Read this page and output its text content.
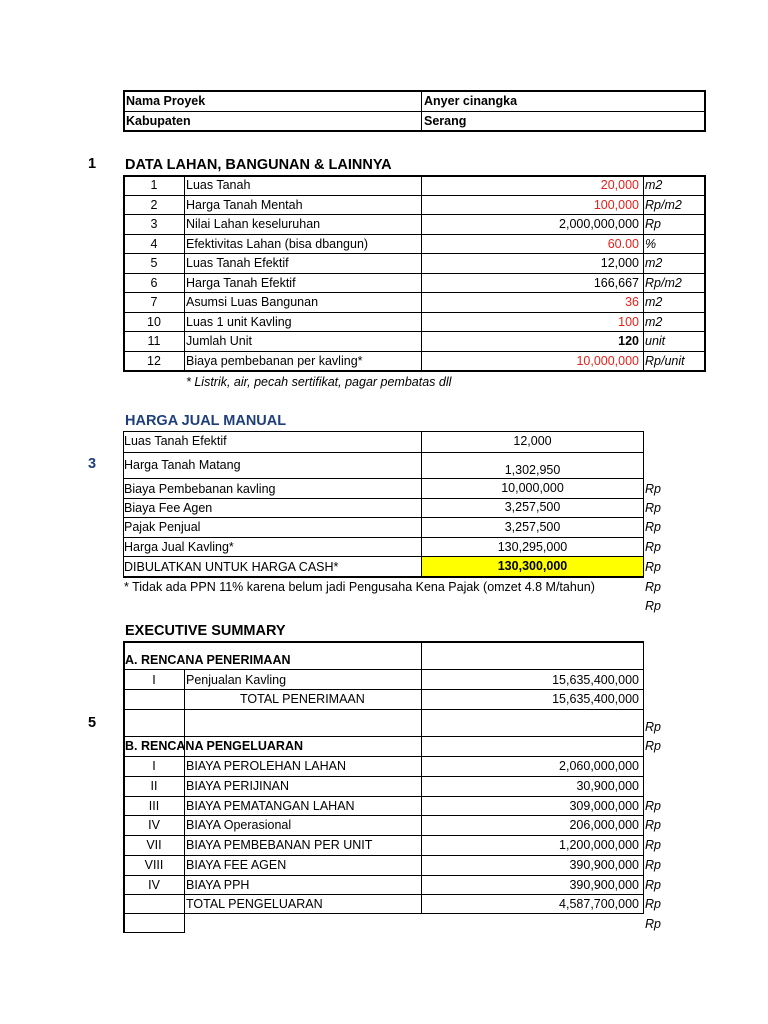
Nama Proyek	Anyer cinangka
Kabupaten	Serang
1 DATA LAHAN, BANGUNAN & LAINNYA
1	Luas Tanah	20,000 m2
2	Harga Tanah Mentah	100,000 Rp/m2
3	Nilai Lahan keseluruhan	2,000,000,000 Rp
4	Efektivitas Lahan (bisa dbangun)	60.00 %
5	Luas Tanah Efektif	12,000 m2
6	Harga Tanah Efektif	166,667 Rp/m2
7	Asumsi Luas Bangunan	36 m2
10	Luas 1 unit Kavling	100 m2
11	Jumlah Unit	120 unit
12	Biaya pembebanan per kavling*	10,000,000 Rp/unit
* Listrik, air, pecah sertifikat, pagar pembatas dll
HARGA JUAL MANUAL
3
Luas Tanah Efektif	12,000
Harga Tanah Matang	1,302,950
Biaya Pembebanan kavling	10,000,000	Rp
Biaya Fee Agen	3,257,500	Rp
Pajak Penjual	3,257,500	Rp
Harga Jual Kavling*	130,295,000	Rp
DIBULATKAN UNTUK HARGA CASH*	130,300,000	Rp
* Tidak ada PPN 11% karena belum jadi Pengusaha Kena Pajak (omzet 4.8 M/tahun)	Rp
Rp
EXECUTIVE SUMMARY
5
A. RENCANA PENERIMAAN
I	Penjualan Kavling	15,635,400,000
TOTAL PENERIMAAN	15,635,400,000
Rp
B. RENCANA PENGELUARAN	Rp
I	BIAYA PEROLEHAN LAHAN	2,060,000,000
II	BIAYA PERIJINAN	30,900,000
III	BIAYA PEMATANGAN LAHAN	309,000,000 Rp
IV	BIAYA Operasional	206,000,000 Rp
VII	BIAYA PEMBEBANAN PER UNIT	1,200,000,000 Rp
VIII	BIAYA FEE AGEN	390,900,000 Rp
IV	BIAYA PPH	390,900,000 Rp
TOTAL PENGELUARAN	4,587,700,000 Rp
Rp
